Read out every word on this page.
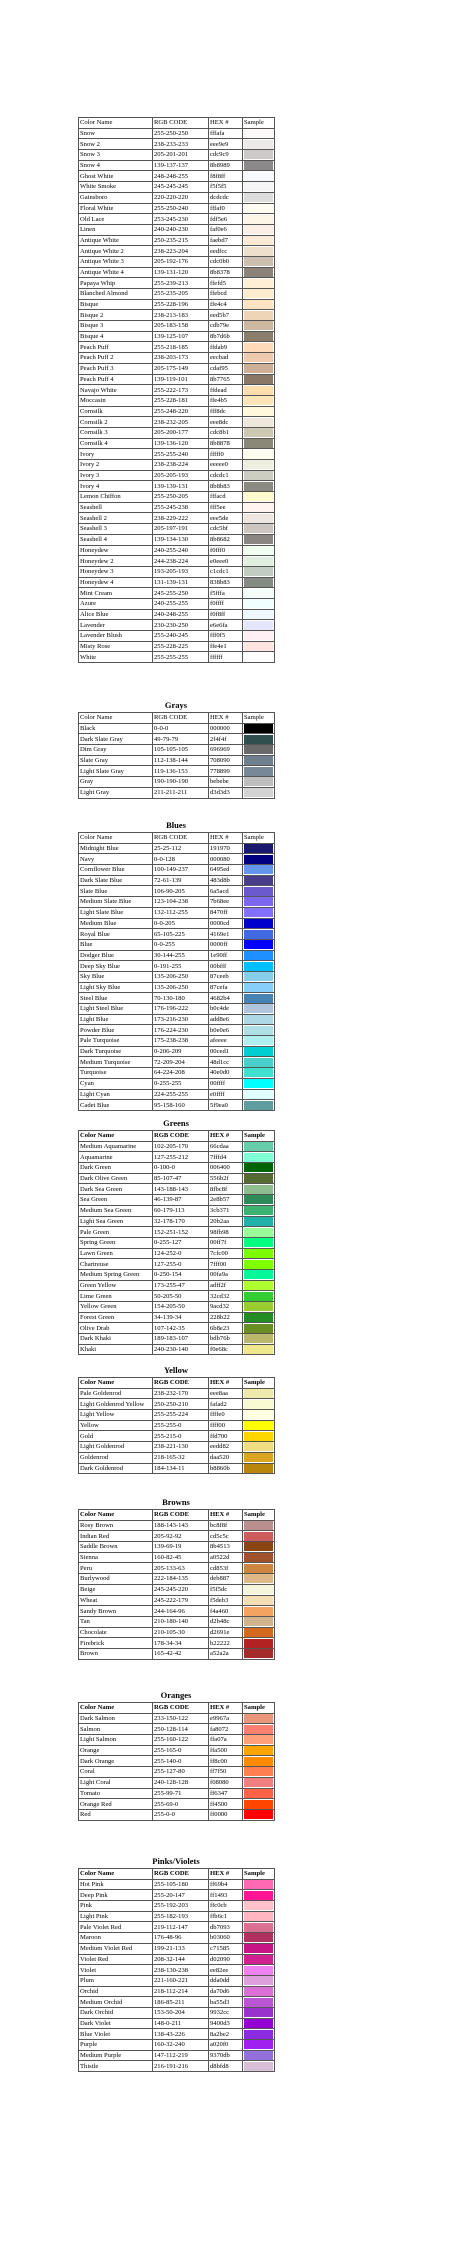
Color Name	RGB CODE	HEX #	Sample
Snow	255-250-250	fffafa	

Snow 2	238-233-233	eee9e9	

Snow 3	205-201-201	cdc9c9	

Snow 4	139-137-137	8b8989	

Ghost White	248-248-255	f8f8ff	

White Smoke	245-245-245	f5f5f5	

Gainsboro	220-220-220	dcdcdc	

Floral White	255-250-240	fffaf0	

Old Lace	253-245-230	fdf5e6	

Linen	240-240-230	faf0e6	

Antique White	250-235-215	faebd7	

Antique White 2	238-223-204	eedfcc	

Antique White 3	205-192-176	cdc0b0	

Antique White 4	139-131-120	8b8378	

Papaya Whip	255-239-213	ffefd5	

Blanched Almond	255-235-205	ffebcd	

Bisque	255-228-196	ffe4c4	

Bisque 2	238-213-183	eed5b7	

Bisque 3	205-183-158	cdb79e	

Bisque 4	139-125-107	8b7d6b	

Peach Puff	255-218-185	ffdab9	

Peach Puff 2	238-203-173	eecbad	

Peach Puff 3	205-175-149	cdaf95	

Peach Puff 4	139-119-101	8b7765	

Navajo White	255-222-173	ffdead	

Moccasin	255-228-181	ffe4b5	

Cornsilk	255-248-220	fff8dc	

Cornsilk 2	238-232-205	eee8dc	

Cornsilk 3	205-200-177	cdc8b1	

Cornsilk 4	139-136-120	8b8878	

Ivory	255-255-240	fffff0	

Ivory 2	238-238-224	eeeee0	

Ivory 3	205-205-193	cdcdc1	

Ivory 4	139-139-131	8b8b83	

Lemon Chiffon	255-250-205	fffacd	

Seashell	255-245-238	fff5ee	

Seashell 2	238-229-222	eee5de	

Seashell 3	205-197-191	cdc5bf	

Seashell 4	139-134-130	8b8682	

Honeydew	240-255-240	f0fff0	

Honeydew 2	244-238-224	e0eee0	

Honeydew 3	193-205-193	c1cdc1	

Honeydew 4	131-139-131	838b83	

Mint Cream	245-255-250	f5fffa	

Azure	240-255-255	f0ffff	

Alice Blue	240-248-255	f0f8ff	

Lavender	230-230-250	e6e6fa	

Lavender Blush	255-240-245	fff0f5	

Misty Rose	255-228-225	ffe4e1	

White	255-255-255	ffffff	
Grays
Color Name	RGB CODE	HEX #	Sample
Black	0-0-0	000000	

Dark Slate Gray	49-79-79	2f4f4f	

Dim Gray	105-105-105	696969	

Slate Gray	112-138-144	708090	

Light Slate Gray	119-136-153	778899	

Gray	190-190-190	bebebe	

Light Gray	211-211-211	d3d3d3	
Blues
Color Name	RGB CODE	HEX #	Sample
Midnight Blue	25-25-112	191970	

Navy	0-0-128	000080	

Cornflower Blue	100-149-237	6495ed	

Dark Slate Blue	72-61-139	483d8b	

Slate Blue	106-90-205	6a5acd	

Medium Slate Blue	123-104-238	7b68ee	

Light Slate Blue	132-112-255	8470ff	

Medium Blue	0-0-205	0000cd	

Royal Blue	65-105-225	4169e1	

Blue	0-0-255	0000ff	

Dodger Blue	30-144-255	1e90ff	

Deep Sky Blue	0-191-255	00bfff	

Sky Blue	135-206-250	87ceeb	

Light Sky Blue	135-206-250	87cefa	

Steel Blue	70-130-180	4682b4	

Light Steel Blue	176-196-222	b0c4de	

Light Blue	173-216-230	add8e6	

Powder Blue	176-224-230	b0e0e6	

Pale Turquoise	175-238-238	afeeee	

Dark Turquoise	0-206-209	00ced1	

Medium Turquoise	72-209-204	48d1cc	

Turquoise	64-224-208	40e0d0	

Cyan	0-255-255	00ffff	

Light Cyan	224-255-255	e0ffff	

Cadet Blue	95-158-160	5f9ea0	
Greens
Color Name	RGB CODE	HEX #	Sample
Medium Aquamarine	102-205-170	66cdaa	

Aquamarine	127-255-212	7fffd4	

Dark Green	0-100-0	006400	

Dark Olive Green	85-107-47	556b2f	

Dark Sea Green	143-188-143	8fbc8f	

Sea Green	46-139-87	2e8b57	

Medium Sea Green	60-179-113	3cb371	

Light Sea Green	32-178-170	20b2aa	

Pale Green	152-251-152	98fb98	

Spring Green	0-255-127	00ff7f	

Lawn Green	124-252-0	7cfc00	

Chartreuse	127-255-0	7fff00	

Medium Spring Green	0-250-154	00fa9a	

Green Yellow	173-255-47	adff2f	

Lime Green	50-205-50	32cd32	

Yellow Green	154-205-50	9acd32	

Forest Green	34-139-34	228b22	

Olive Drab	107-142-35	6b8e23	

Dark Khaki	189-183-107	bdb76b	

Khaki	240-230-140	f0e68c	
Yellow
Color Name	RGB CODE	HEX #	Sample
Pale Goldenrod	238-232-170	eee8aa	

Light Goldenrod Yellow	250-250-210	fafad2	

Light Yellow	255-255-224	ffffe0	

Yellow	255-255-0	ffff00	

Gold	255-215-0	ffd700	

Light Goldenrod	238-221-130	eedd82	

Goldenrod	218-165-32	daa520	

Dark Goldenrod	184-134-11	b8860b	
Browns
Color Name	RGB CODE	HEX #	Sample
Rosy Brown	188-143-143	bc8f8f	

Indian Red	205-92-92	cd5c5c	

Saddle Brown	139-69-19	8b4513	

Sienna	160-82-45	a0522d	

Peru	205-133-63	cd853f	

Burlywood	222-184-135	deb887	

Beige	245-245-220	f5f5dc	

Wheat	245-222-179	f5deb3	

Sandy Brown	244-164-96	f4a460	

Tan	210-180-140	d2b48c	

Chocolate	210-105-30	d2691e	

Firebrick	178-34-34	b22222	

Brown	165-42-42	a52a2a	
Oranges
Color Name	RGB CODE	HEX #	Sample
Dark Salmon	233-150-122	e9967a	

Salmon	250-128-114	fa8072	

Light Salmon	255-160-122	ffa07a	

Orange	255-165-0	ffa500	

Dark Orange	255-140-0	ff8c00	

Coral	255-127-80	ff7f50	

Light Coral	240-128-128	f08080	

Tomato	255-99-71	ff6347	

Orange Red	255-69-0	ff4500	

Red	255-0-0	ff0000	
Pinks/Violets
Color Name	RGB CODE	HEX #	Sample
Hot Pink	255-105-180	ff69b4	

Deep Pink	255-20-147	ff1493	

Pink	255-192-203	ffc0cb	

Light Pink	255-182-193	ffb6c1	

Pale Violet Red	219-112-147	db7093	

Maroon	176-48-96	b03060	

Medium Violet Red	199-21-133	c71585	

Violet Red	208-32-144	d02090	

Violet	238-130-238	ee82ee	

Plum	221-160-221	dda0dd	

Orchid	218-112-214	da70d6	

Medium Orchid	186-85-211	ba55d3	

Dark Orchid	153-50-204	9932cc	

Dark Violet	148-0-211	9400d3	

Blue Violet	138-43-226	8a2be2	

Purple	160-32-240	a020f0	

Medium Purple	147-112-219	9370db	

Thistle	216-191-216	d8bfd8	
